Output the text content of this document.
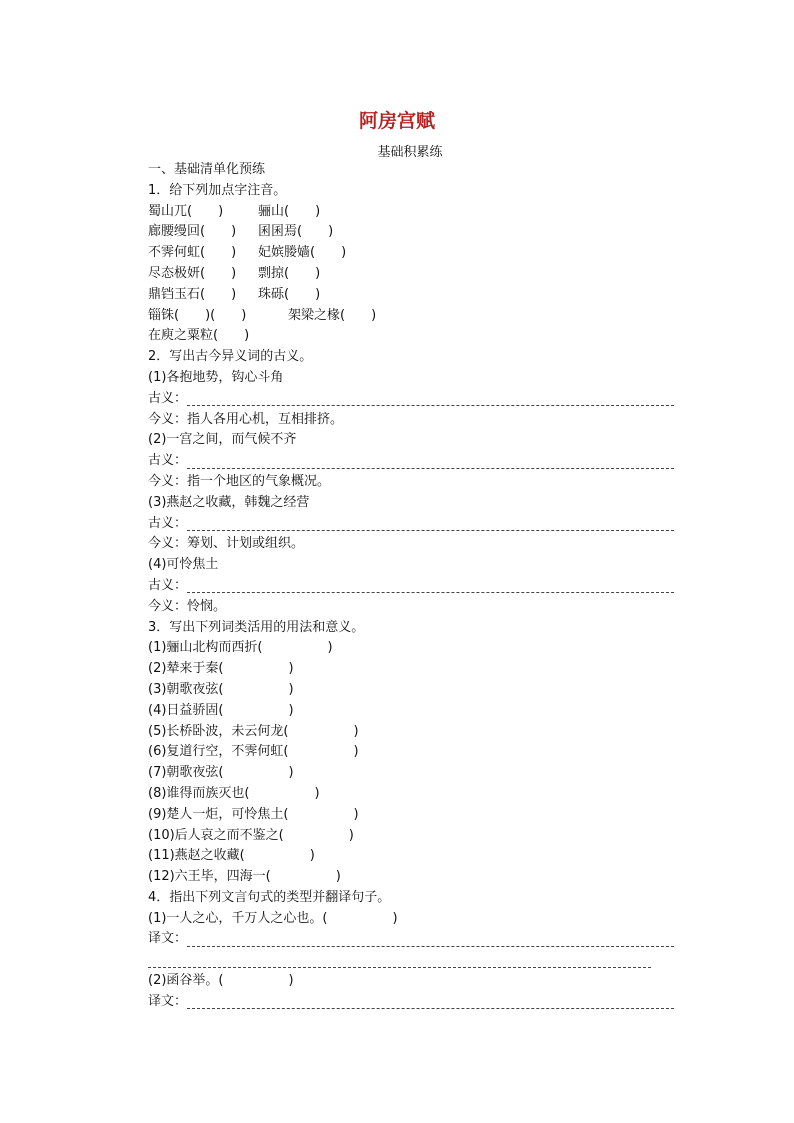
阿房宫赋
基础积累练
一、基础清单化预练
1．给下列加点字注音。
蜀山兀(　　)	骊山(　　)
廊腰缦回(　　)	囷囷焉(　　)
不霁何虹(　　)	妃嫔媵嫱(　　)
尽态极妍(　　)	剽掠(　　)
鼎铛玉石(　　)	珠砾(　　)
锱铢(　　)(　　)	架梁之椽(　　)
在庾之粟粒(　　)
2．写出古今异义词的古义。
(1)各抱地势，钩心斗角
古义：
今义：指人各用心机，互相排挤。
(2)一宫之间，而气候不齐
古义：
今义：指一个地区的气象概况。
(3)燕赵之收藏，韩魏之经营
古义：
今义：筹划、计划或组织。
(4)可怜焦土
古义：
今义：怜悯。
3．写出下列词类活用的用法和意义。
(1)骊山北构而西折(　　　　　)
(2)辇来于秦(　　　　　)
(3)朝歌夜弦(　　　　　)
(4)日益骄固(　　　　　)
(5)长桥卧波，未云何龙(　　　　　)
(6)复道行空，不霁何虹(　　　　　)
(7)朝歌夜弦(　　　　　)
(8)谁得而族灭也(　　　　　)
(9)楚人一炬，可怜焦土(　　　　　)
(10)后人哀之而不鉴之(　　　　　)
(11)燕赵之收藏(　　　　　)
(12)六王毕，四海一(　　　　　)
4．指出下列文言句式的类型并翻译句子。
(1)一人之心，千万人之心也。(　　　　　)
译文：
(2)函谷举。(　　　　　)
译文：
